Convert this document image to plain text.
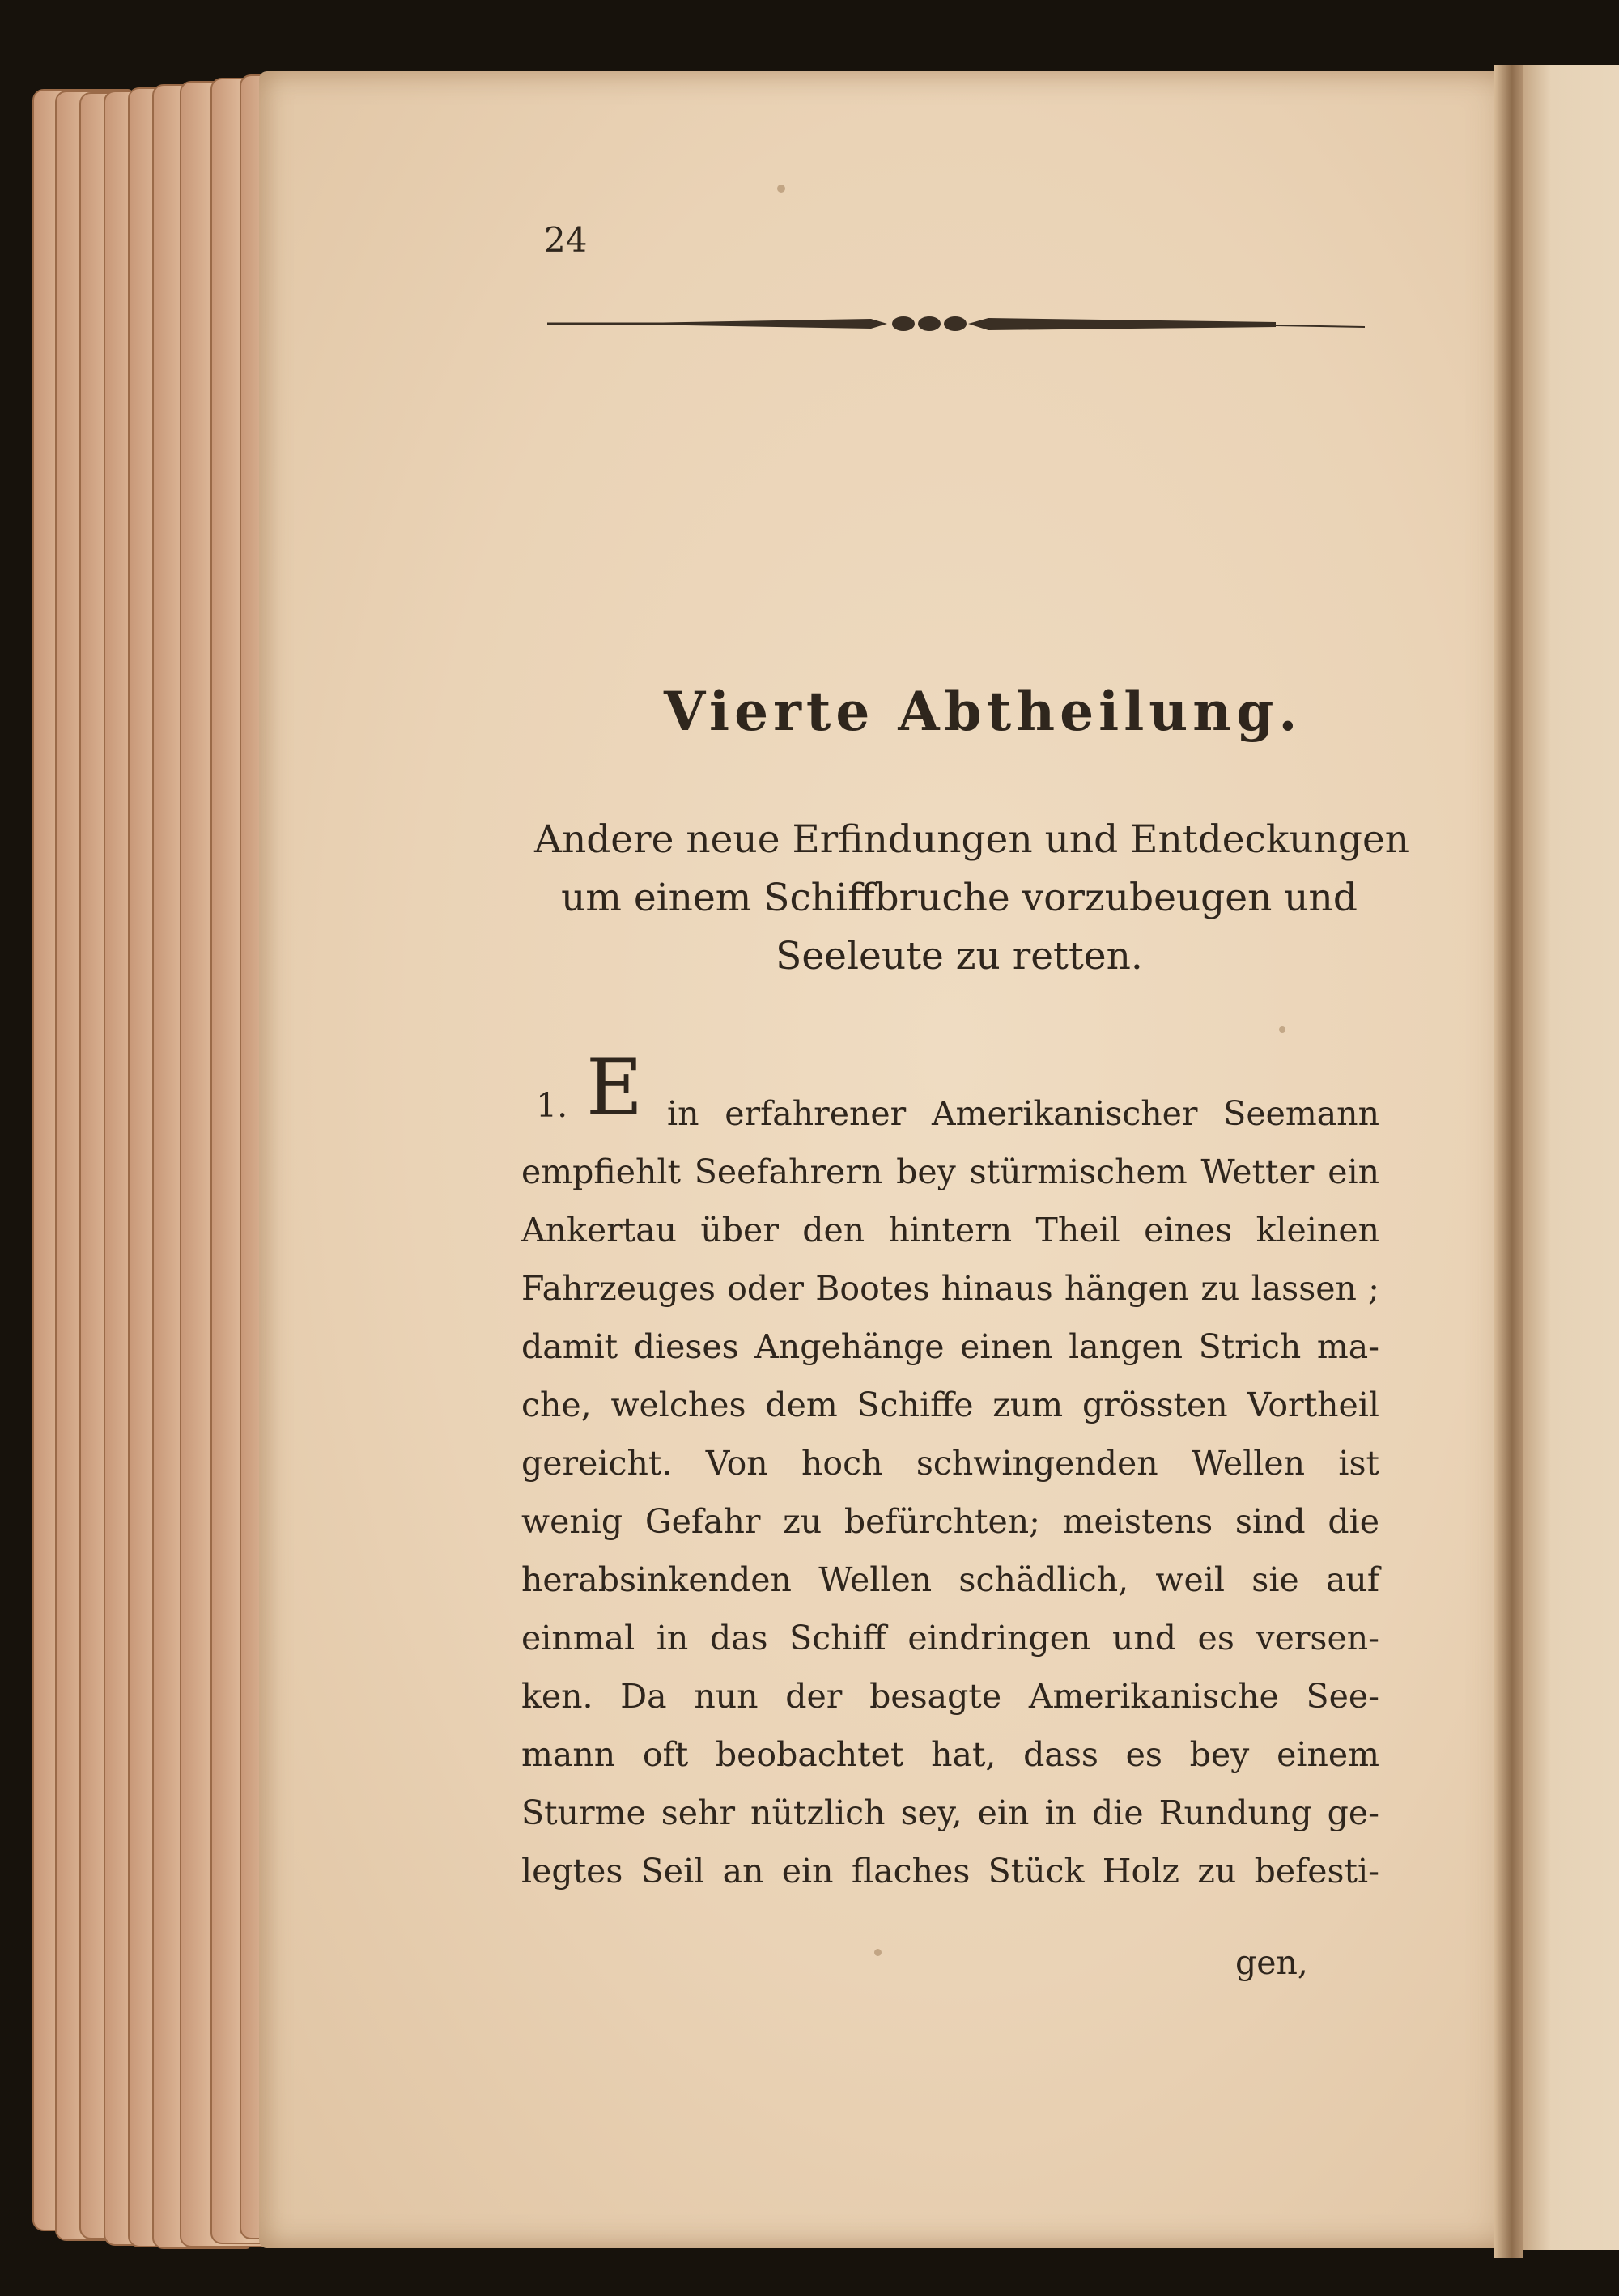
24

Vierte Abtheilung.
Andere neue Erfindungen und Entdeckungen
um einem Schiffbruche vorzubeugen und
Seeleute zu retten.
1. E in erfahrener Amerikanischer Seemann
empfiehlt Seefahrern bey stürmischem Wetter ein
Ankertau über den hintern Theil eines kleinen
Fahrzeuges oder Bootes hinaus hängen zu lassen ;
damit dieses Angehänge einen langen Strich ma-
che, welches dem Schiffe zum grössten Vortheil
gereicht. Von hoch schwingenden Wellen ist
wenig Gefahr zu befürchten; meistens sind die
herabsinkenden Wellen schädlich, weil sie auf
einmal in das Schiff eindringen und es versen-
ken. Da nun der besagte Amerikanische See-
mann oft beobachtet hat, dass es bey einem
Sturme sehr nützlich sey, ein in die Rundung ge-
legtes Seil an ein flaches Stück Holz zu befesti-

gen,
